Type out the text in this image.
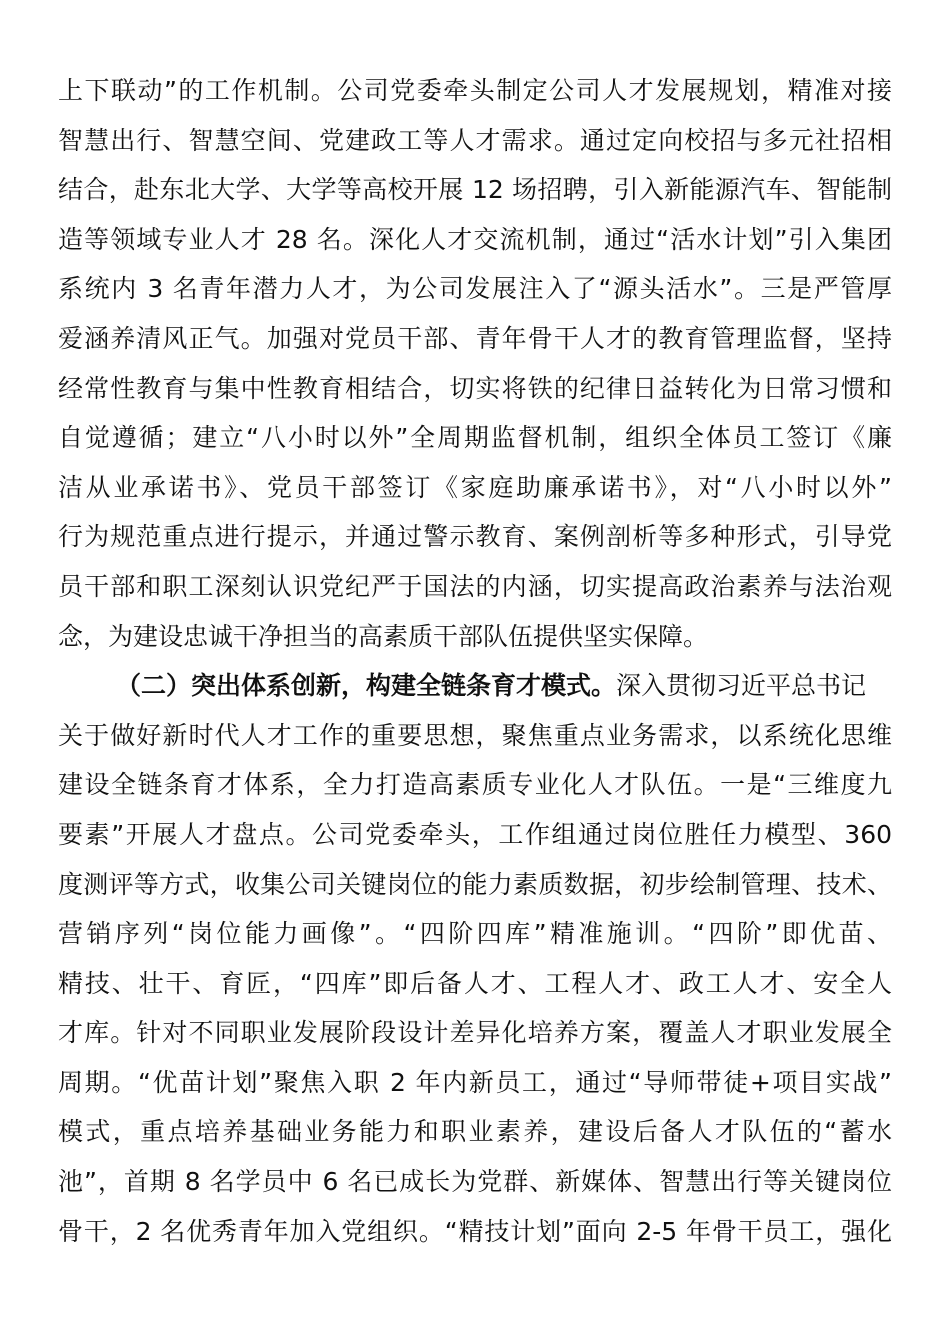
上下联动”的工作机制。公司党委牵头制定公司人才发展规划，精准对接
智慧出行、智慧空间、党建政工等人才需求。通过定向校招与多元社招相
结合，赴东北大学、大学等高校开展 12 场招聘，引入新能源汽车、智能制
造等领域专业人才 28 名。深化人才交流机制，通过“活水计划”引入集团
系统内 3 名青年潜力人才，为公司发展注入了“源头活水”。三是严管厚
爱涵养清风正气。加强对党员干部、青年骨干人才的教育管理监督，坚持
经常性教育与集中性教育相结合，切实将铁的纪律日益转化为日常习惯和
自觉遵循；建立“八小时以外”全周期监督机制，组织全体员工签订《廉
洁从业承诺书》、党员干部签订《家庭助廉承诺书》，对“八小时以外”
行为规范重点进行提示，并通过警示教育、案例剖析等多种形式，引导党
员干部和职工深刻认识党纪严于国法的内涵，切实提高政治素养与法治观
念，为建设忠诚干净担当的高素质干部队伍提供坚实保障。
（二）突出体系创新，构建全链条育才模式。深入贯彻习近平总书记
关于做好新时代人才工作的重要思想，聚焦重点业务需求，以系统化思维
建设全链条育才体系，全力打造高素质专业化人才队伍。一是“三维度九
要素”开展人才盘点。公司党委牵头，工作组通过岗位胜任力模型、360
度测评等方式，收集公司关键岗位的能力素质数据，初步绘制管理、技术、
营销序列“岗位能力画像”。“四阶四库”精准施训。“四阶”即优苗、
精技、壮干、育匠，“四库”即后备人才、工程人才、政工人才、安全人
才库。针对不同职业发展阶段设计差异化培养方案，覆盖人才职业发展全
周期。“优苗计划”聚焦入职 2 年内新员工，通过“导师带徒+项目实战”
模式，重点培养基础业务能力和职业素养，建设后备人才队伍的“蓄水
池”，首期 8 名学员中 6 名已成长为党群、新媒体、智慧出行等关键岗位
骨干，2 名优秀青年加入党组织。“精技计划”面向 2-5 年骨干员工，强化
